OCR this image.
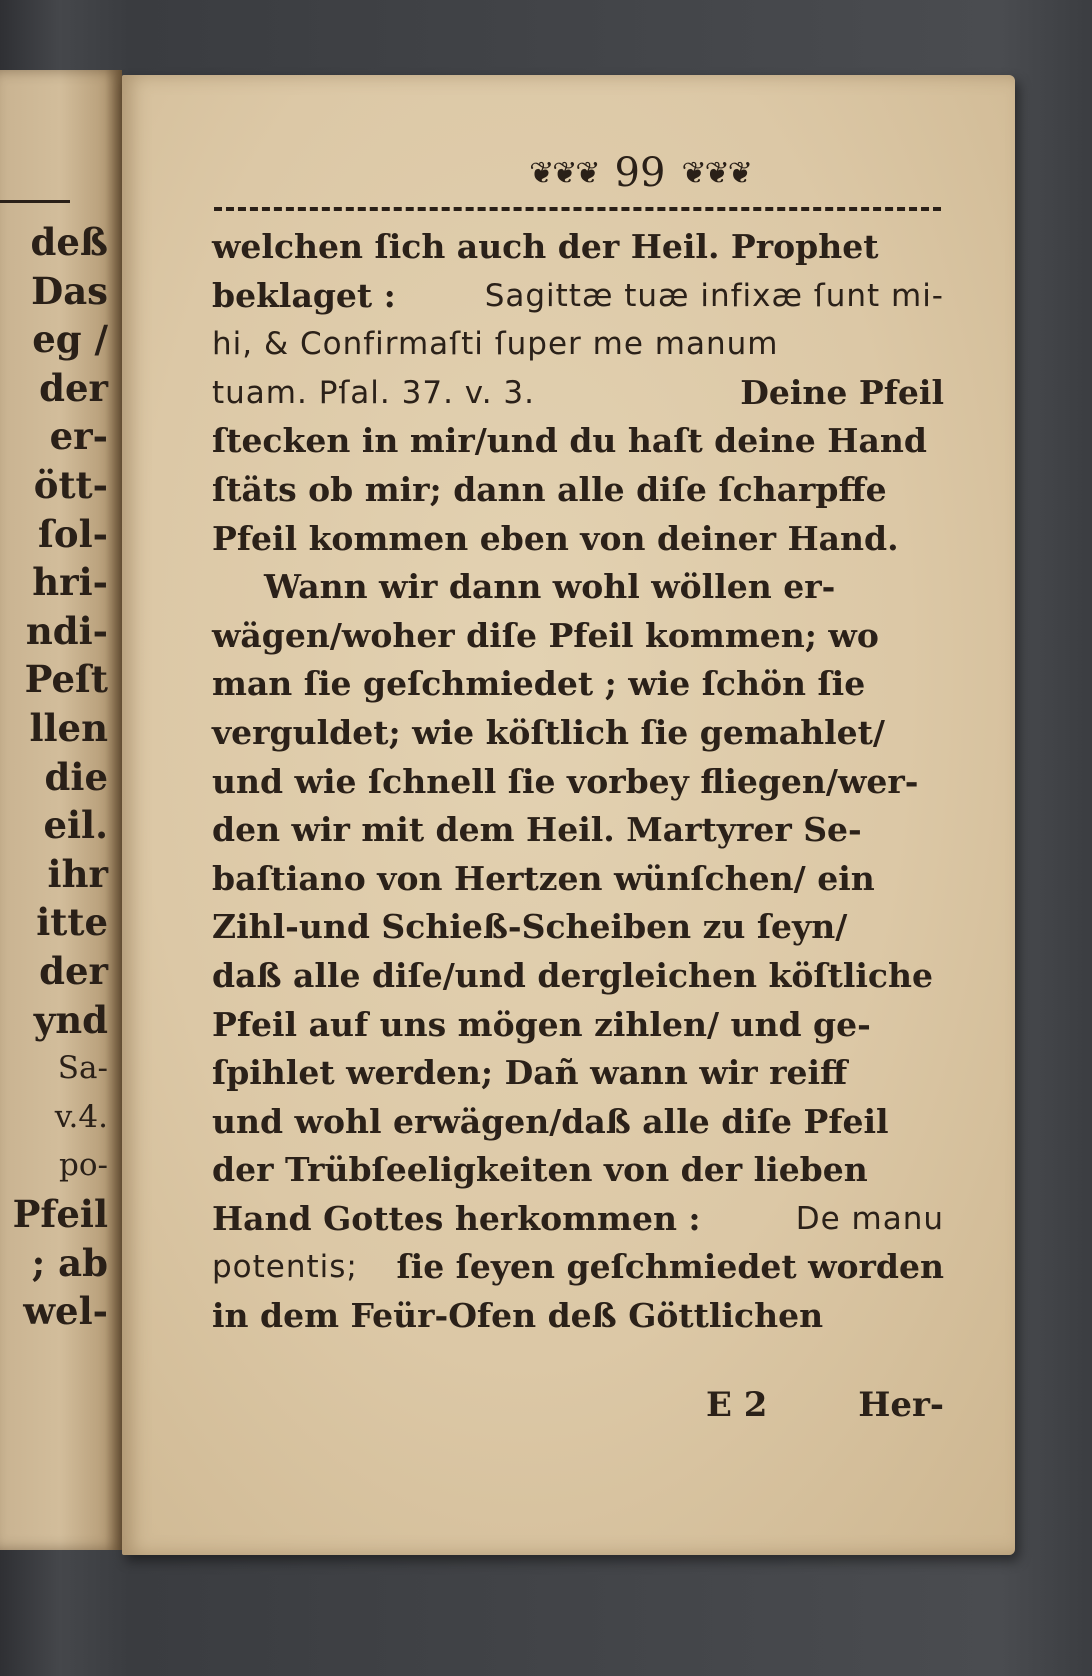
deß
Das
eg /
der
er-
ött-
ſol-
hri-
ndi-
Peſt
llen
die
eil.
ihr
itte
der
ynd
Sa-
v.4.
po-
Pfeil
; ab
wel-
❦❦❦ 99 ❦❦❦
welchen ſich auch der Heil. Prophet
beklaget :	Sagittæ tuæ infixæ ſunt mi-
hi, & Confirmaſti ſuper me manum
tuam. Pſal. 37. v. 3.	Deine Pfeil
ſtecken in mir/und du haſt deine Hand
ſtäts ob mir; dann alle diſe ſcharpffe
Pfeil kommen eben von deiner Hand.
Wann wir dann wohl wöllen er-
wägen/woher diſe Pfeil kommen; wo
man ſie geſchmiedet ; wie ſchön ſie
verguldet; wie köſtlich ſie gemahlet/
und wie ſchnell ſie vorbey fliegen/wer-
den wir mit dem Heil. Martyrer Se-
baſtiano von Hertzen wünſchen/ ein
Zihl-und Schieß-Scheiben zu ſeyn/
daß alle diſe/und dergleichen köſtliche
Pfeil auf uns mögen zihlen/ und ge-
ſpihlet werden; Dañ wann wir reiff
und wohl erwägen/daß alle diſe Pfeil
der Trübſeeligkeiten von der lieben
Hand Gottes herkommen :	De manu
potentis; ſie ſeyen geſchmiedet worden
in dem Feür-Ofen deß Göttlichen
E 2	Her-
